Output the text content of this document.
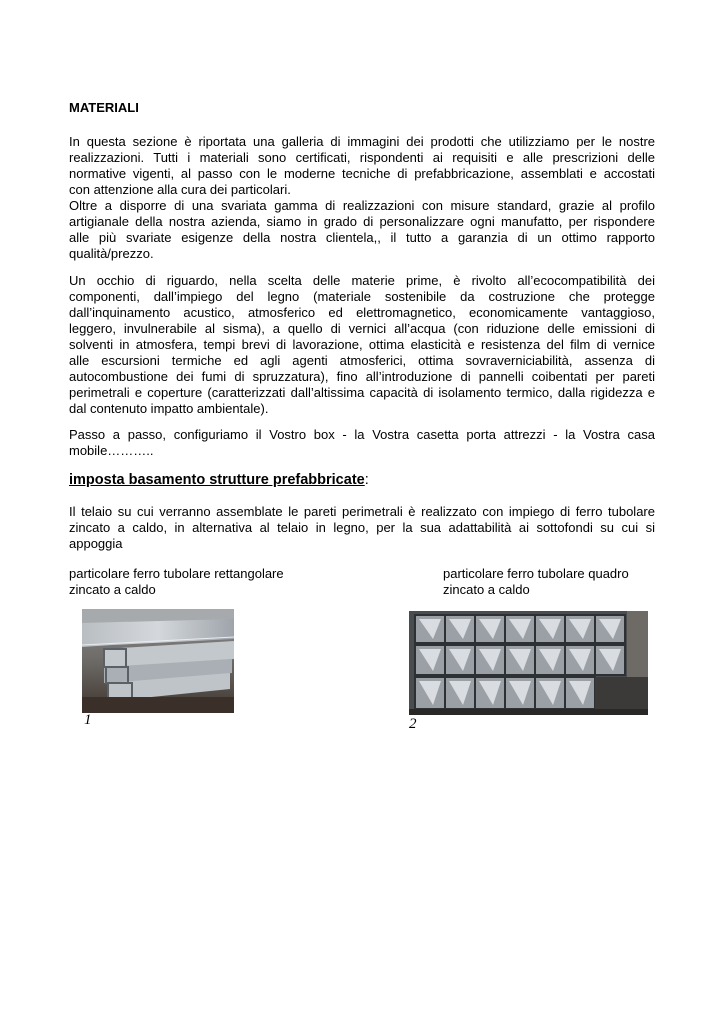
MATERIALI
In questa sezione è riportata una galleria di immagini dei prodotti che utilizziamo per le nostre
realizzazioni. Tutti i materiali sono certificati, rispondenti ai requisiti e alle prescrizioni delle
normative vigenti, al passo con le moderne tecniche di prefabbricazione, assemblati e accostati
con attenzione alla cura dei particolari.
Oltre a disporre di una svariata gamma di realizzazioni con misure standard, grazie al profilo
artigianale della nostra azienda, siamo in grado di personalizzare ogni manufatto, per rispondere
alle più svariate esigenze della nostra clientela,, il tutto a garanzia di un ottimo rapporto
qualità/prezzo.
Un occhio di riguardo, nella scelta delle materie prime, è rivolto all’ecocompatibilità dei
componenti, dall’impiego del legno (materiale sostenibile da costruzione che protegge
dall’inquinamento acustico, atmosferico ed elettromagnetico, economicamente vantaggioso,
leggero, invulnerabile al sisma), a quello di vernici all’acqua (con riduzione delle emissioni di
solventi in atmosfera, tempi brevi di lavorazione, ottima elasticità e resistenza del film di vernice
alle escursioni termiche ed agli agenti atmosferici, ottima sovraverniciabilità, assenza di
autocombustione dei fumi di spruzzatura), fino all’introduzione di pannelli coibentati per pareti
perimetrali e coperture (caratterizzati dall’altissima capacità di isolamento termico, dalla rigidezza e
dal contenuto impatto ambientale).
Passo a passo, configuriamo il Vostro box - la Vostra casetta porta attrezzi - la Vostra casa
mobile………..
imposta basamento strutture prefabbricate:
Il telaio su cui verranno assemblate le pareti perimetrali è realizzato con impiego di ferro tubolare
zincato a caldo, in alternativa al telaio in legno, per la sua adattabilità ai sottofondi su cui si
appoggia
particolare ferro tubolare rettangolare
zincato a caldo
1
particolare ferro tubolare quadro
zincato a caldo
2
